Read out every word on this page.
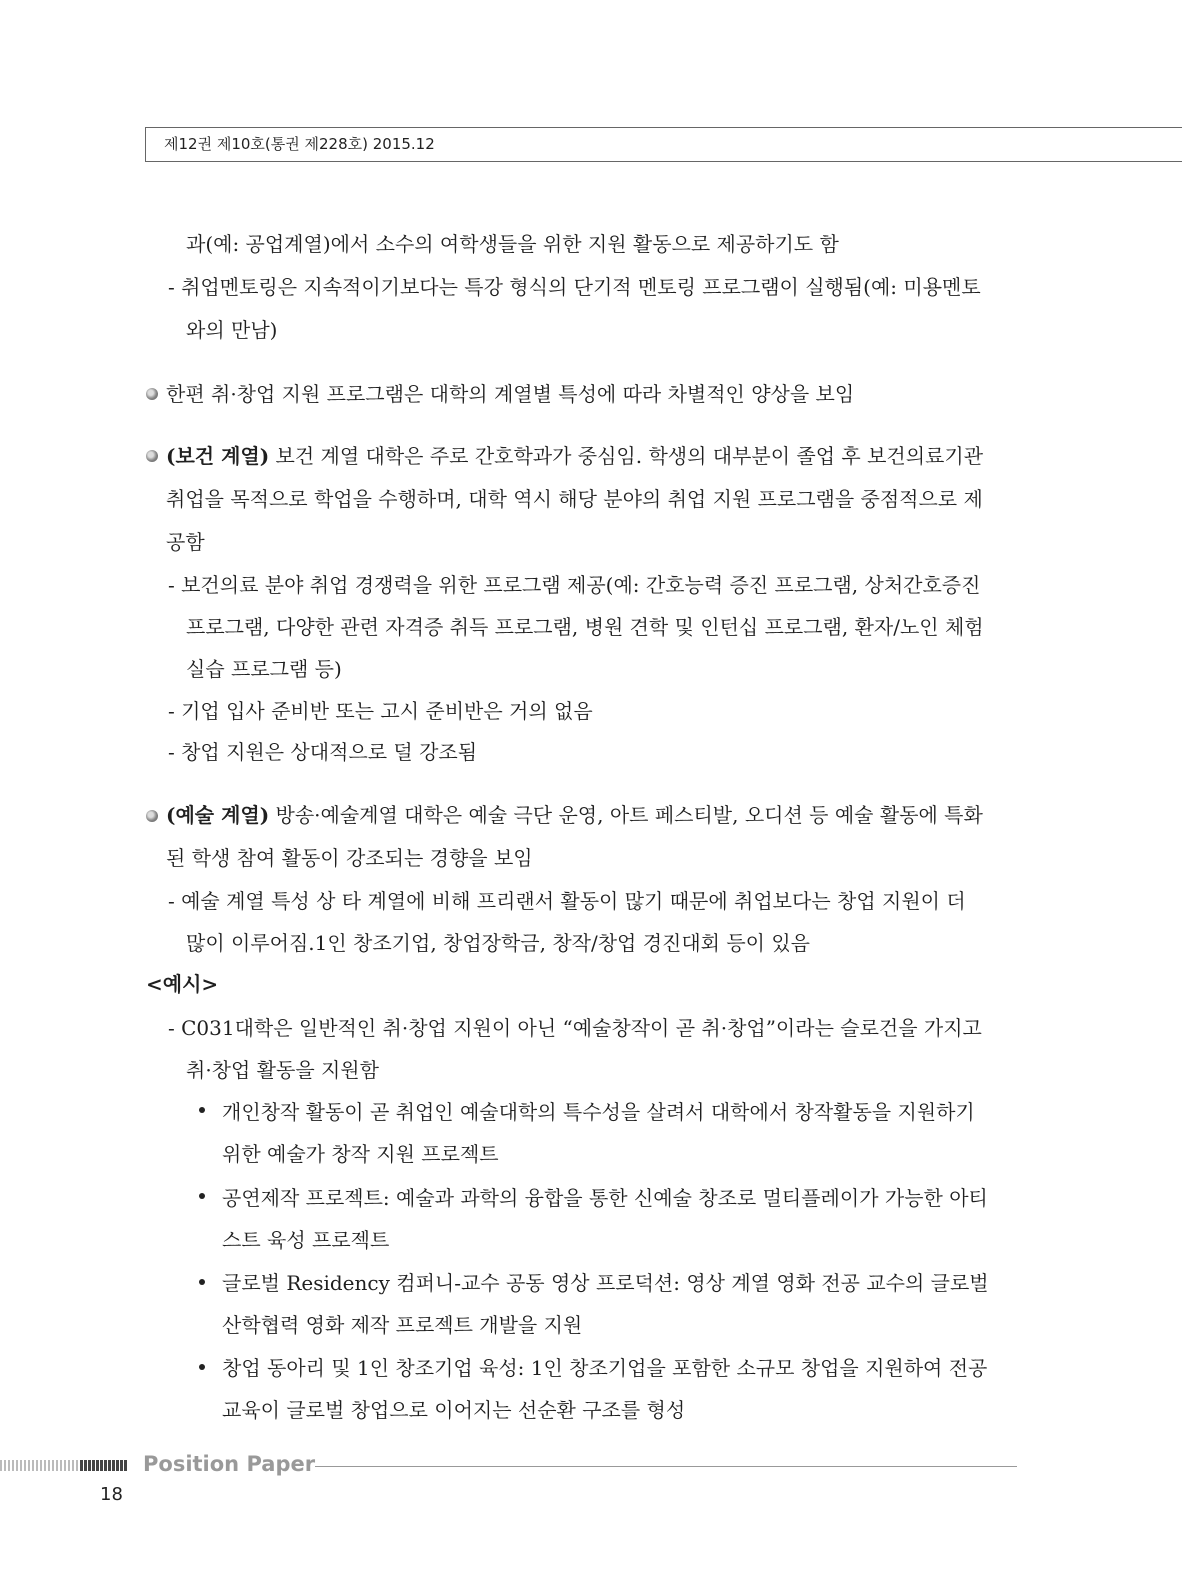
제12권 제10호(통권 제228호) 2015.12
과(예: 공업계열)에서 소수의 여학생들을 위한 지원 활동으로 제공하기도 함
- 취업멘토링은 지속적이기보다는 특강 형식의 단기적 멘토링 프로그램이 실행됨(예: 미용멘토
와의 만남)
한편 취·창업 지원 프로그램은 대학의 계열별 특성에 따라 차별적인 양상을 보임
(보건 계열) 보건 계열 대학은 주로 간호학과가 중심임. 학생의 대부분이 졸업 후 보건의료기관
취업을 목적으로 학업을 수행하며, 대학 역시 해당 분야의 취업 지원 프로그램을 중점적으로 제
공함
- 보건의료 분야 취업 경쟁력을 위한 프로그램 제공(예: 간호능력 증진 프로그램, 상처간호증진
프로그램, 다양한 관련 자격증 취득 프로그램, 병원 견학 및 인턴십 프로그램, 환자/노인 체험
실습 프로그램 등)
- 기업 입사 준비반 또는 고시 준비반은 거의 없음
- 창업 지원은 상대적으로 덜 강조됨
(예술 계열) 방송·예술계열 대학은 예술 극단 운영, 아트 페스티발, 오디션 등 예술 활동에 특화
된 학생 참여 활동이 강조되는 경향을 보임
- 예술 계열 특성 상 타 계열에 비해 프리랜서 활동이 많기 때문에 취업보다는 창업 지원이 더
많이 이루어짐.1인 창조기업, 창업장학금, 창작/창업 경진대회 등이 있음
<예시>
- C031대학은 일반적인 취·창업 지원이 아닌 “예술창작이 곧 취·창업”이라는 슬로건을 가지고
취·창업 활동을 지원함
개인창작 활동이 곧 취업인 예술대학의 특수성을 살려서 대학에서 창작활동을 지원하기
위한 예술가 창작 지원 프로젝트
공연제작 프로젝트: 예술과 과학의 융합을 통한 신예술 창조로 멀티플레이가 가능한 아티
스트 육성 프로젝트
글로벌 Residency 컴퍼니-교수 공동 영상 프로덕션: 영상 계열 영화 전공 교수의 글로벌
산학협력 영화 제작 프로젝트 개발을 지원
창업 동아리 및 1인 창조기업 육성: 1인 창조기업을 포함한 소규모 창업을 지원하여 전공
교육이 글로벌 창업으로 이어지는 선순환 구조를 형성
Position Paper
18
